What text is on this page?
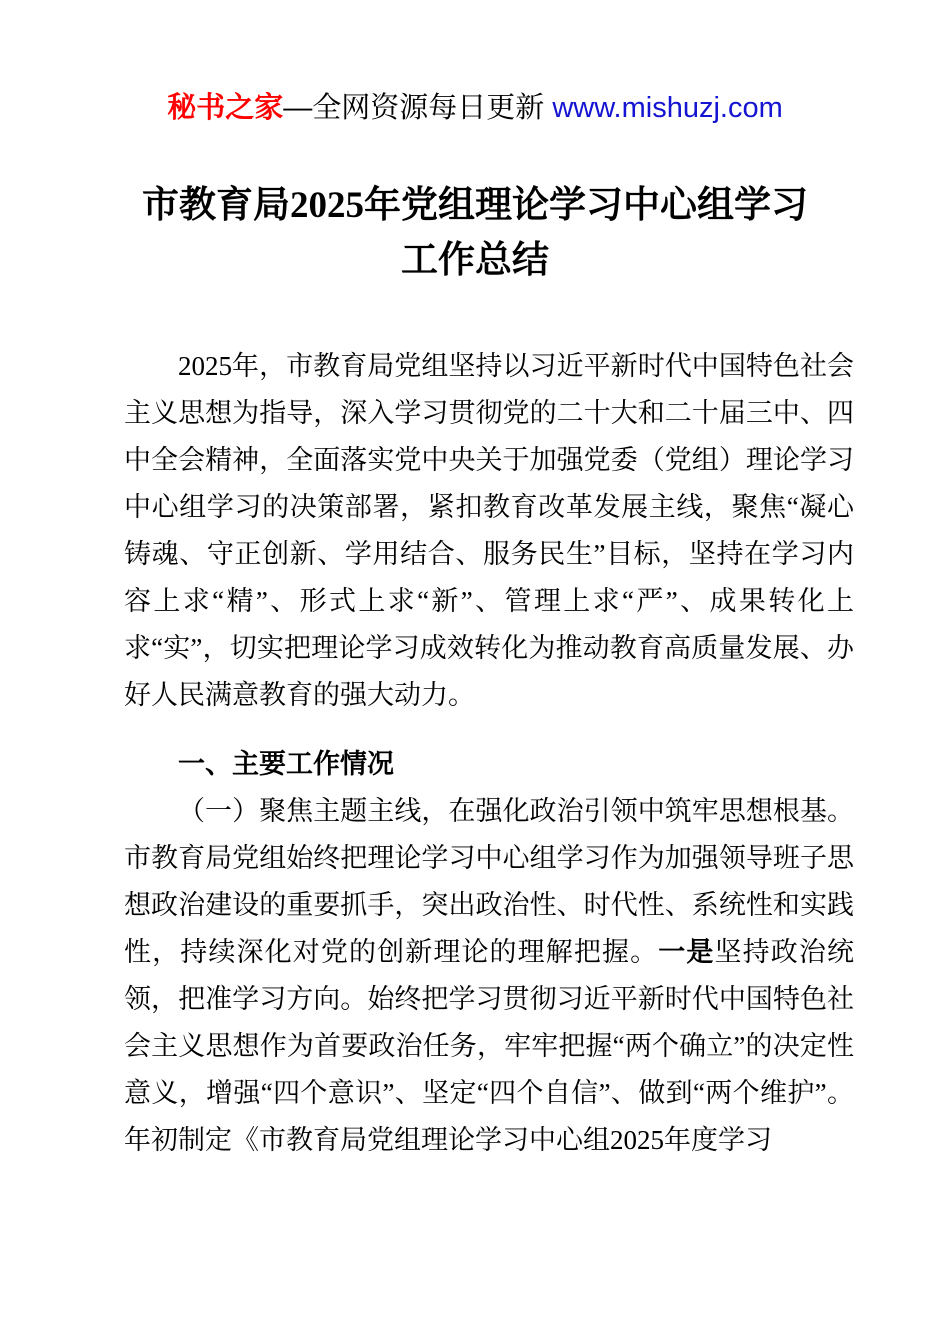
秘书之家—全网资源每日更新 www.mishuzj.com
市教育局2025年党组理论学习中心组学习
工作总结

2025年，市教育局党组坚持以习近平新时代中国特色社会主义思想为指导，深入学习贯彻党的二十大和二十届三中、四中全会精神，全面落实党中央关于加强党委（党组）理论学习中心组学习的决策部署，紧扣教育改革发展主线，聚焦“凝心铸魂、守正创新、学用结合、服务民生”目标，坚持在学习内容上求“精”、形式上求“新”、管理上求“严”、成果转化上求“实”，切实把理论学习成效转化为推动教育高质量发展、办好人民满意教育的强大动力。

一、主要工作情况

（一）聚焦主题主线，在强化政治引领中筑牢思想根基。市教育局党组始终把理论学习中心组学习作为加强领导班子思想政治建设的重要抓手，突出政治性、时代性、系统性和实践性，持续深化对党的创新理论的理解把握。一是坚持政治统领，把准学习方向。始终把学习贯彻习近平新时代中国特色社会主义思想作为首要政治任务，牢牢把握“两个确立”的决定性意义，增强“四个意识”、坚定“四个自信”、做到“两个维护”。年初制定《市教育局党组理论学习中心组2025年度学习
